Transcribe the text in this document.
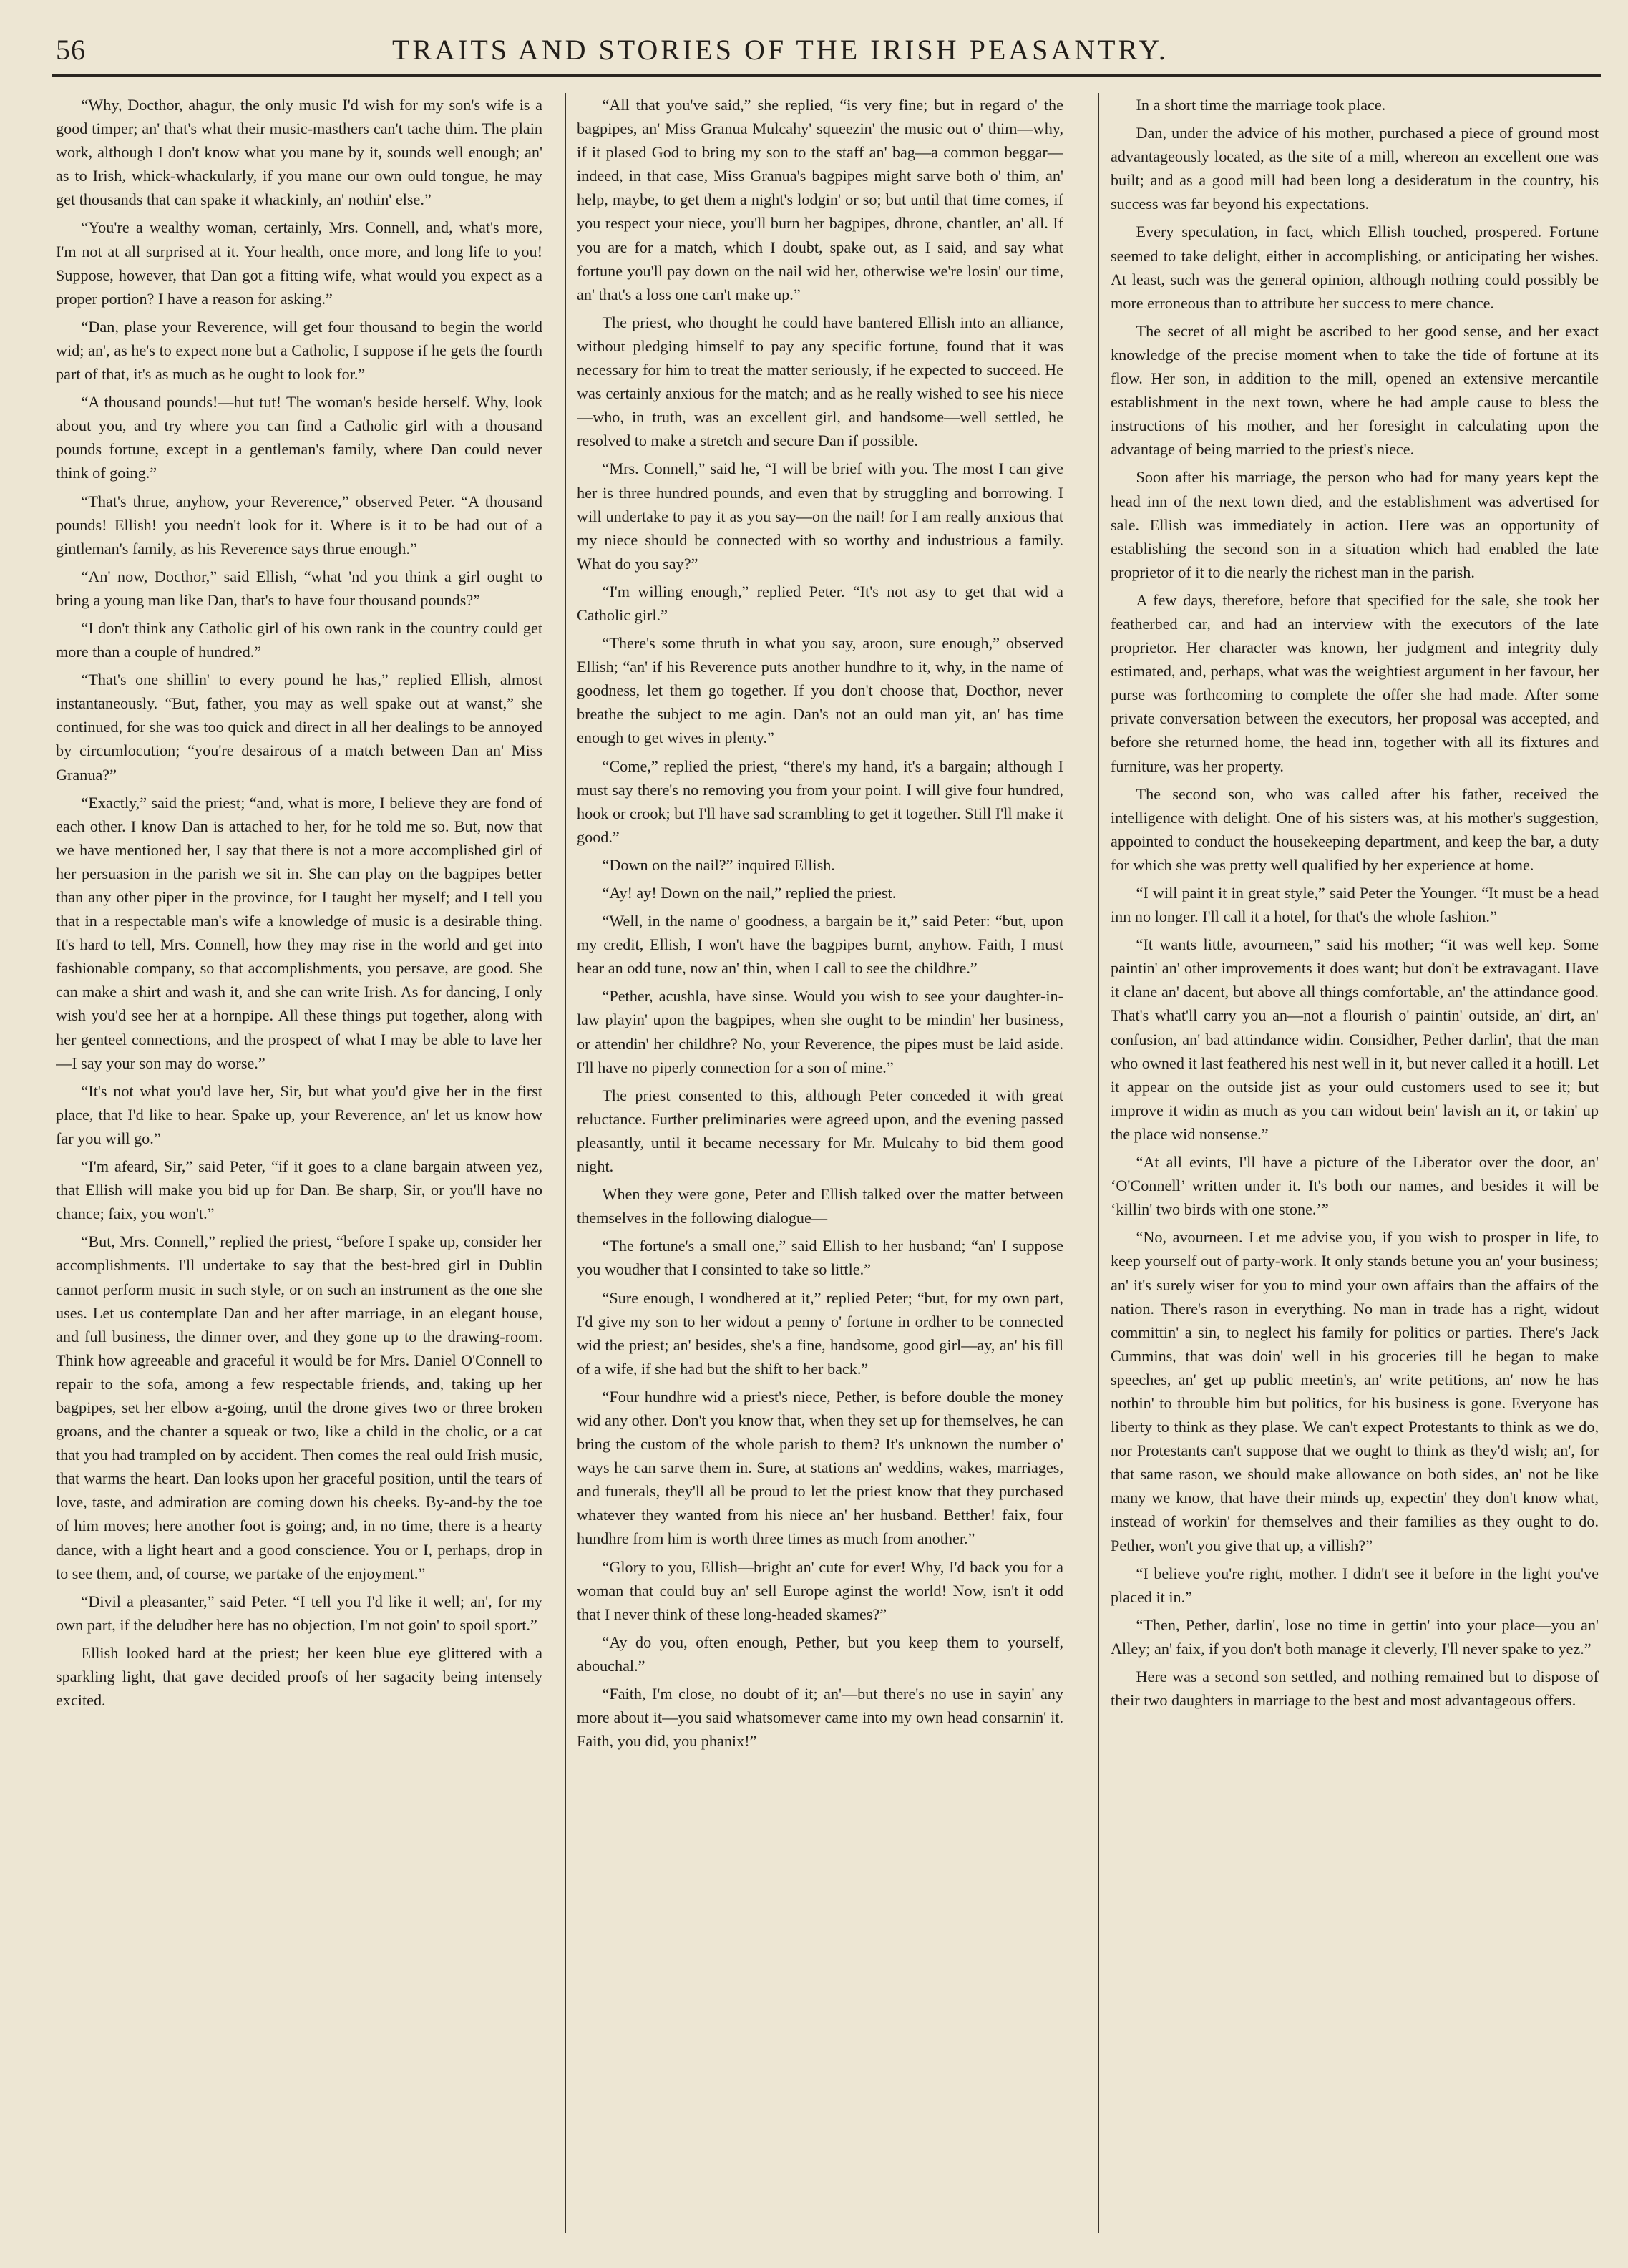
56	TRAITS AND STORIES OF THE IRISH PEASANTRY.

“Why, Docthor, ahagur, the only music I'd wish for my son's wife is a good timper; an' that's what their music-masthers can't tache thim. The plain work, although I don't know what you mane by it, sounds well enough; an' as to Irish, whick-whackularly, if you mane our own ould tongue, he may get thousands that can spake it whackinly, an' nothin' else.”

“You're a wealthy woman, certainly, Mrs. Connell, and, what's more, I'm not at all surprised at it. Your health, once more, and long life to you! Suppose, however, that Dan got a fitting wife, what would you expect as a proper portion? I have a reason for asking.”

“Dan, plase your Reverence, will get four thousand to begin the world wid; an', as he's to expect none but a Catholic, I suppose if he gets the fourth part of that, it's as much as he ought to look for.”

“A thousand pounds!—hut tut! The woman's beside herself. Why, look about you, and try where you can find a Catholic girl with a thousand pounds fortune, except in a gentleman's family, where Dan could never think of going.”

“That's thrue, anyhow, your Reverence,” observed Peter. “A thousand pounds! Ellish! you needn't look for it. Where is it to be had out of a gintleman's family, as his Reverence says thrue enough.”

“An' now, Docthor,” said Ellish, “what 'nd you think a girl ought to bring a young man like Dan, that's to have four thousand pounds?”

“I don't think any Catholic girl of his own rank in the country could get more than a couple of hundred.”

“That's one shillin' to every pound he has,” replied Ellish, almost instantaneously. “But, father, you may as well spake out at wanst,” she continued, for she was too quick and direct in all her dealings to be annoyed by circumlocution; “you're desairous of a match between Dan an' Miss Granua?”

“Exactly,” said the priest; “and, what is more, I believe they are fond of each other. I know Dan is attached to her, for he told me so. But, now that we have mentioned her, I say that there is not a more accomplished girl of her persuasion in the parish we sit in. She can play on the bagpipes better than any other piper in the province, for I taught her myself; and I tell you that in a respectable man's wife a knowledge of music is a desirable thing. It's hard to tell, Mrs. Connell, how they may rise in the world and get into fashionable company, so that accomplishments, you persave, are good. She can make a shirt and wash it, and she can write Irish. As for dancing, I only wish you'd see her at a hornpipe. All these things put together, along with her genteel connections, and the prospect of what I may be able to lave her—I say your son may do worse.”

“It's not what you'd lave her, Sir, but what you'd give her in the first place, that I'd like to hear. Spake up, your Reverence, an' let us know how far you will go.”

“I'm afeard, Sir,” said Peter, “if it goes to a clane bargain atween yez, that Ellish will make you bid up for Dan. Be sharp, Sir, or you'll have no chance; faix, you won't.”

“But, Mrs. Connell,” replied the priest, “before I spake up, consider her accomplishments. I'll undertake to say that the best-bred girl in Dublin cannot perform music in such style, or on such an instrument as the one she uses. Let us contemplate Dan and her after marriage, in an elegant house, and full business, the dinner over, and they gone up to the drawing-room. Think how agreeable and graceful it would be for Mrs. Daniel O'Connell to repair to the sofa, among a few respectable friends, and, taking up her bagpipes, set her elbow a-going, until the drone gives two or three broken groans, and the chanter a squeak or two, like a child in the cholic, or a cat that you had trampled on by accident. Then comes the real ould Irish music, that warms the heart. Dan looks upon her graceful position, until the tears of love, taste, and admiration are coming down his cheeks. By-and-by the toe of him moves; here another foot is going; and, in no time, there is a hearty dance, with a light heart and a good conscience. You or I, perhaps, drop in to see them, and, of course, we partake of the enjoyment.”

“Divil a pleasanter,” said Peter. “I tell you I'd like it well; an', for my own part, if the deludher here has no objection, I'm not goin' to spoil sport.”

Ellish looked hard at the priest; her keen blue eye glittered with a sparkling light, that gave decided proofs of her sagacity being intensely excited.

“All that you've said,” she replied, “is very fine; but in regard o' the bagpipes, an' Miss Granua Mulcahy' squeezin' the music out o' thim—why, if it plased God to bring my son to the staff an' bag—a common beggar—indeed, in that case, Miss Granua's bagpipes might sarve both o' thim, an' help, maybe, to get them a night's lodgin' or so; but until that time comes, if you respect your niece, you'll burn her bagpipes, dhrone, chantler, an' all. If you are for a match, which I doubt, spake out, as I said, and say what fortune you'll pay down on the nail wid her, otherwise we're losin' our time, an' that's a loss one can't make up.”

The priest, who thought he could have bantered Ellish into an alliance, without pledging himself to pay any specific fortune, found that it was necessary for him to treat the matter seriously, if he expected to succeed. He was certainly anxious for the match; and as he really wished to see his niece—who, in truth, was an excellent girl, and handsome—well settled, he resolved to make a stretch and secure Dan if possible.

“Mrs. Connell,” said he, “I will be brief with you. The most I can give her is three hundred pounds, and even that by struggling and borrowing. I will undertake to pay it as you say—on the nail! for I am really anxious that my niece should be connected with so worthy and industrious a family. What do you say?”

“I'm willing enough,” replied Peter. “It's not asy to get that wid a Catholic girl.”

“There's some thruth in what you say, aroon, sure enough,” observed Ellish; “an' if his Reverence puts another hundhre to it, why, in the name of goodness, let them go together. If you don't choose that, Docthor, never breathe the subject to me agin. Dan's not an ould man yit, an' has time enough to get wives in plenty.”

“Come,” replied the priest, “there's my hand, it's a bargain; although I must say there's no removing you from your point. I will give four hundred, hook or crook; but I'll have sad scrambling to get it together. Still I'll make it good.”

“Down on the nail?” inquired Ellish.

“Ay! ay! Down on the nail,” replied the priest.

“Well, in the name o' goodness, a bargain be it,” said Peter: “but, upon my credit, Ellish, I won't have the bagpipes burnt, anyhow. Faith, I must hear an odd tune, now an' thin, when I call to see the childhre.”

“Pether, acushla, have sinse. Would you wish to see your daughter-in-law playin' upon the bagpipes, when she ought to be mindin' her business, or attendin' her childhre? No, your Reverence, the pipes must be laid aside. I'll have no piperly connection for a son of mine.”

The priest consented to this, although Peter conceded it with great reluctance. Further preliminaries were agreed upon, and the evening passed pleasantly, until it became necessary for Mr. Mulcahy to bid them good night.

When they were gone, Peter and Ellish talked over the matter between themselves in the following dialogue—

“The fortune's a small one,” said Ellish to her husband; “an' I suppose you woudher that I consinted to take so little.”

“Sure enough, I wondhered at it,” replied Peter; “but, for my own part, I'd give my son to her widout a penny o' fortune in ordher to be connected wid the priest; an' besides, she's a fine, handsome, good girl—ay, an' his fill of a wife, if she had but the shift to her back.”

“Four hundhre wid a priest's niece, Pether, is before double the money wid any other. Don't you know that, when they set up for themselves, he can bring the custom of the whole parish to them? It's unknown the number o' ways he can sarve them in. Sure, at stations an' weddins, wakes, marriages, and funerals, they'll all be proud to let the priest know that they purchased whatever they wanted from his niece an' her husband. Betther! faix, four hundhre from him is worth three times as much from another.”

“Glory to you, Ellish—bright an' cute for ever! Why, I'd back you for a woman that could buy an' sell Europe aginst the world! Now, isn't it odd that I never think of these long-headed skames?”

“Ay do you, often enough, Pether, but you keep them to yourself, abouchal.”

“Faith, I'm close, no doubt of it; an'—but there's no use in sayin' any more about it—you said whatsomever came into my own head consarnin' it. Faith, you did, you phanix!”

In a short time the marriage took place.

Dan, under the advice of his mother, purchased a piece of ground most advantageously located, as the site of a mill, whereon an excellent one was built; and as a good mill had been long a desideratum in the country, his success was far beyond his expectations.

Every speculation, in fact, which Ellish touched, prospered. Fortune seemed to take delight, either in accomplishing, or anticipating her wishes. At least, such was the general opinion, although nothing could possibly be more erroneous than to attribute her success to mere chance.

The secret of all might be ascribed to her good sense, and her exact knowledge of the precise moment when to take the tide of fortune at its flow. Her son, in addition to the mill, opened an extensive mercantile establishment in the next town, where he had ample cause to bless the instructions of his mother, and her foresight in calculating upon the advantage of being married to the priest's niece.

Soon after his marriage, the person who had for many years kept the head inn of the next town died, and the establishment was advertised for sale. Ellish was immediately in action. Here was an opportunity of establishing the second son in a situation which had enabled the late proprietor of it to die nearly the richest man in the parish.

A few days, therefore, before that specified for the sale, she took her featherbed car, and had an interview with the executors of the late proprietor. Her character was known, her judgment and integrity duly estimated, and, perhaps, what was the weightiest argument in her favour, her purse was forthcoming to complete the offer she had made. After some private conversation between the executors, her proposal was accepted, and before she returned home, the head inn, together with all its fixtures and furniture, was her property.

The second son, who was called after his father, received the intelligence with delight. One of his sisters was, at his mother's suggestion, appointed to conduct the housekeeping department, and keep the bar, a duty for which she was pretty well qualified by her experience at home.

“I will paint it in great style,” said Peter the Younger. “It must be a head inn no longer. I'll call it a hotel, for that's the whole fashion.”

“It wants little, avourneen,” said his mother; “it was well kep. Some paintin' an' other improvements it does want; but don't be extravagant. Have it clane an' dacent, but above all things comfortable, an' the attindance good. That's what'll carry you an—not a flourish o' paintin' outside, an' dirt, an' confusion, an' bad attindance widin. Considher, Pether darlin', that the man who owned it last feathered his nest well in it, but never called it a hotill. Let it appear on the outside jist as your ould customers used to see it; but improve it widin as much as you can widout bein' lavish an it, or takin' up the place wid nonsense.”

“At all evints, I'll have a picture of the Liberator over the door, an' ‘O'Connell’ written under it. It's both our names, and besides it will be ‘killin' two birds with one stone.’”

“No, avourneen. Let me advise you, if you wish to prosper in life, to keep yourself out of party-work. It only stands betune you an' your business; an' it's surely wiser for you to mind your own affairs than the affairs of the nation. There's rason in everything. No man in trade has a right, widout committin' a sin, to neglect his family for politics or parties. There's Jack Cummins, that was doin' well in his groceries till he began to make speeches, an' get up public meetin's, an' write petitions, an' now he has nothin' to throuble him but politics, for his business is gone. Everyone has liberty to think as they plase. We can't expect Protestants to think as we do, nor Protestants can't suppose that we ought to think as they'd wish; an', for that same rason, we should make allowance on both sides, an' not be like many we know, that have their minds up, expectin' they don't know what, instead of workin' for themselves and their families as they ought to do. Pether, won't you give that up, a villish?”

“I believe you're right, mother. I didn't see it before in the light you've placed it in.”

“Then, Pether, darlin', lose no time in gettin' into your place—you an' Alley; an' faix, if you don't both manage it cleverly, I'll never spake to yez.”

Here was a second son settled, and nothing remained but to dispose of their two daughters in marriage to the best and most advantageous offers.
